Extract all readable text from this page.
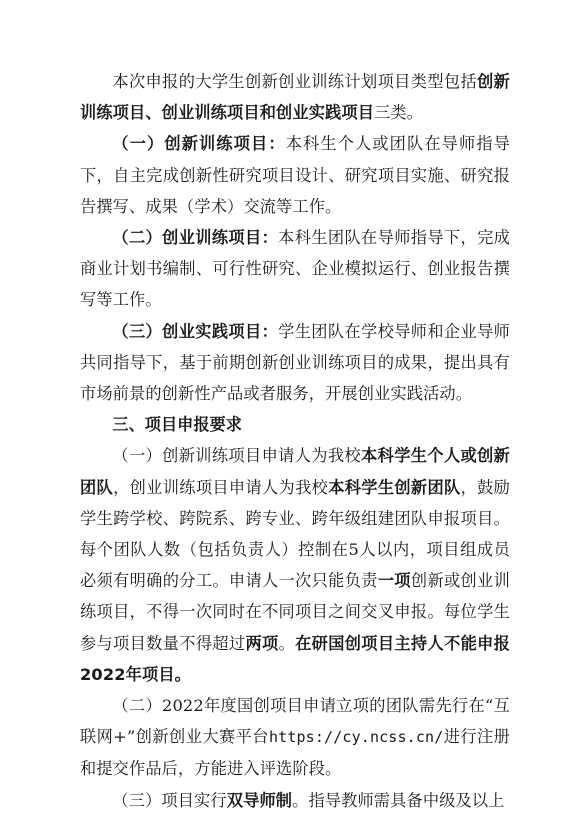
本次申报的大学生创新创业训练计划项目类型包括创新训练项目、创业训练项目和创业实践项目三类。

（一）创新训练项目：本科生个人或团队在导师指导下，自主完成创新性研究项目设计、研究项目实施、研究报告撰写、成果（学术）交流等工作。

（二）创业训练项目：本科生团队在导师指导下，完成商业计划书编制、可行性研究、企业模拟运行、创业报告撰写等工作。

（三）创业实践项目：学生团队在学校导师和企业导师共同指导下，基于前期创新创业训练项目的成果，提出具有市场前景的创新性产品或者服务，开展创业实践活动。

三、项目申报要求

（一）创新训练项目申请人为我校本科学生个人或创新团队，创业训练项目申请人为我校本科学生创新团队，鼓励学生跨学校、跨院系、跨专业、跨年级组建团队申报项目。每个团队人数（包括负责人）控制在5人以内，项目组成员必须有明确的分工。申请人一次只能负责一项创新或创业训练项目，不得一次同时在不同项目之间交叉申报。每位学生参与项目数量不得超过两项。在研国创项目主持人不能申报2022年项目。

（二）2022年度国创项目申请立项的团队需先行在“互联网+”创新创业大赛平台https://cy.ncss.cn/进行注册和提交作品后，方能进入评选阶段。

（三）项目实行双导师制。指导教师需具备中级及以上
